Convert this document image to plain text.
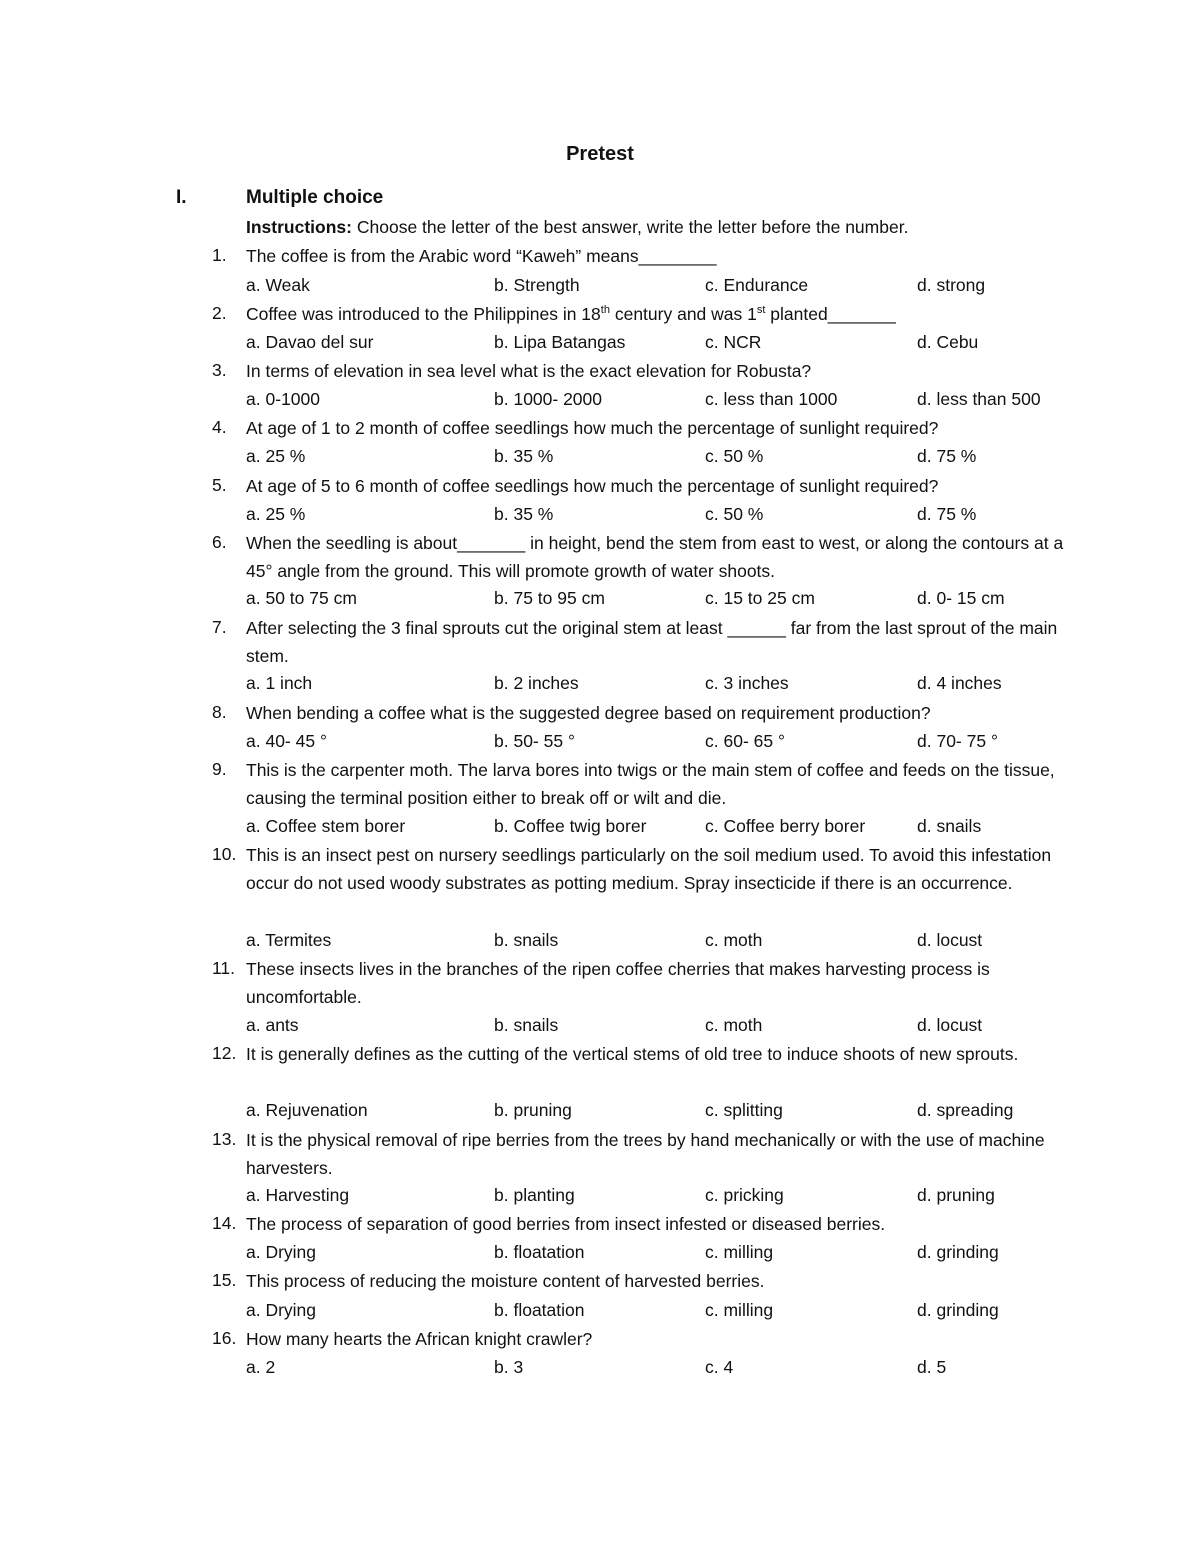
Pretest
I.	Multiple choice
Instructions: Choose the letter of the best answer, write the letter before the number.
1. The coffee is from the Arabic word “Kaweh” means________
a. Weak	b. Strength	c. Endurance	d. strong
2. Coffee was introduced to the Philippines in 18th century and was 1st planted_______
a. Davao del sur	b. Lipa Batangas	c. NCR	d. Cebu
3. In terms of elevation in sea level what is the exact elevation for Robusta?
a. 0-1000	b. 1000- 2000	c. less than 1000	d. less than 500
4. At age of 1 to 2 month of coffee seedlings how much the percentage of sunlight required?
a. 25 %	b. 35 %	c. 50 %	d. 75 %
5. At age of 5 to 6 month of coffee seedlings how much the percentage of sunlight required?
a. 25 %	b. 35 %	c. 50 %	d. 75 %
6. When the seedling is about_______ in height, bend the stem from east to west, or along the contours at a 45° angle from the ground. This will promote growth of water shoots.
a. 50 to 75 cm	b. 75 to 95 cm	c. 15 to 25 cm	d. 0- 15 cm
7. After selecting the 3 final sprouts cut the original stem at least ______ far from the last sprout of the main stem.
a. 1 inch	b. 2 inches	c. 3 inches	d. 4 inches
8. When bending a coffee what is the suggested degree based on requirement production?
a. 40- 45 °	b. 50- 55 °	c. 60- 65 °	d. 70- 75 °
9. This is the carpenter moth. The larva bores into twigs or the main stem of coffee and feeds on the tissue, causing the terminal position either to break off or wilt and die.
a. Coffee stem borer	b. Coffee twig borer	c. Coffee berry borer	d. snails
10. This is an insect pest on nursery seedlings particularly on the soil medium used. To avoid this infestation occur do not used woody substrates as potting medium. Spray insecticide if there is an occurrence.
a. Termites	b. snails	c. moth	d. locust
11. These insects lives in the branches of the ripen coffee cherries that makes harvesting process is uncomfortable.
a. ants	b. snails	c. moth	d. locust
12. It is generally defines as the cutting of the vertical stems of old tree to induce shoots of new sprouts.
a. Rejuvenation	b. pruning	c. splitting	d. spreading
13. It is the physical removal of ripe berries from the trees by hand mechanically or with the use of machine harvesters.
a. Harvesting	b. planting	c. pricking	d. pruning
14. The process of separation of good berries from insect infested or diseased berries.
a. Drying	b. floatation	c. milling	d. grinding
15. This process of reducing the moisture content of harvested berries.
a. Drying	b. floatation	c. milling	d. grinding
16. How many hearts the African knight crawler?
a. 2	b. 3	c. 4	d. 5
